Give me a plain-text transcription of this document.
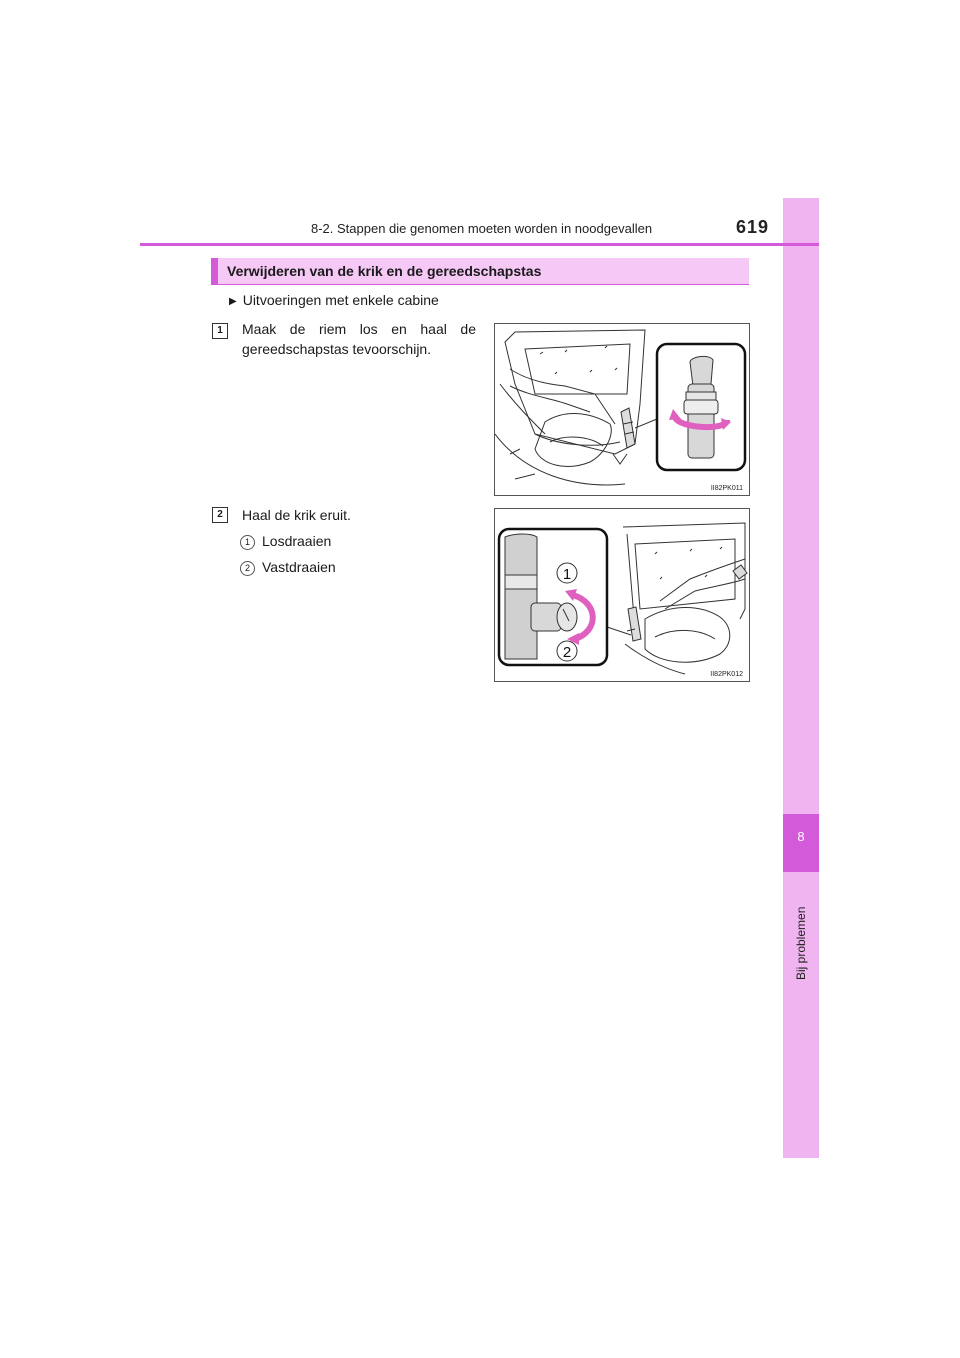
8
Bij problemen
8-2. Stappen die genomen moeten worden in noodgevallen	619
Verwijderen van de krik en de gereedschapstas
▶ Uitvoeringen met enkele cabine
1	Maak de riem los en haal de gereedschapstas tevoorschijn.
II82PK011
2	Haal de krik eruit.
1 Losdraaien
2 Vastdraaien	1
2
II82PK012
